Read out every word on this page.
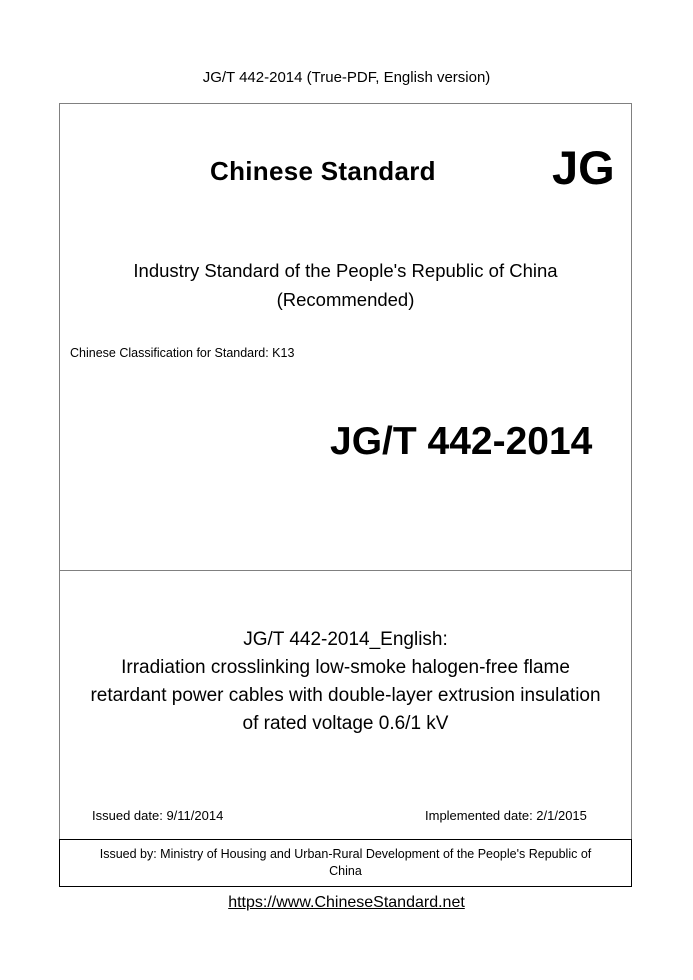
JG/T 442-2014 (True-PDF, English version)
Chinese Standard JG
Industry Standard of the People's Republic of China
(Recommended)
Chinese Classification for Standard: K13
JG/T 442-2014
JG/T 442-2014_English:
Irradiation crosslinking low-smoke halogen-free flame
retardant power cables with double-layer extrusion insulation
of rated voltage 0.6/1 kV
Issued date: 9/11/2014	Implemented date: 2/1/2015
Issued by: Ministry of Housing and Urban-Rural Development of the People's Republic of
China
https://www.ChineseStandard.net
